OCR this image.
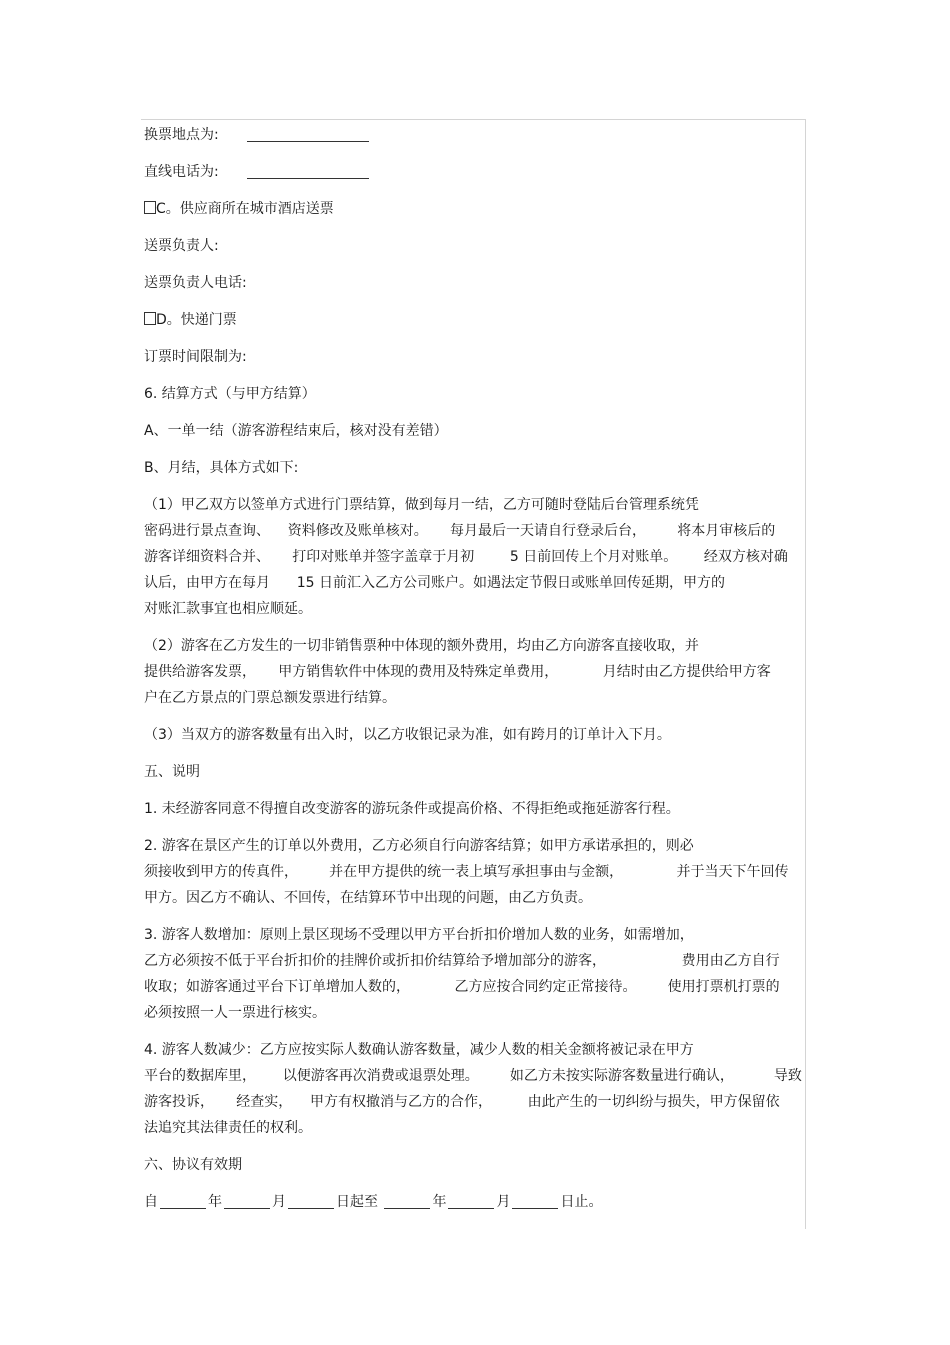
换票地点为:
直线电话为:
C。供应商所在城市酒店送票
送票负责人:
送票负责人电话:
D。快递门票
订票时间限制为:
6. 结算方式（与甲方结算）
A、一单一结（游客游程结束后，核对没有差错）
B、月结，具体方式如下:
（1）甲乙双方以签单方式进行门票结算，做到每月一结，乙方可随时登陆后台管理系统凭
密码进行景点查询、    资料修改及账单核对。     每月最后一天请自行登录后台，       将本月审核后的
游客详细资料合并、     打印对账单并签字盖章于月初        5 日前回传上个月对账单。      经双方核对确
认后，由甲方在每月      15 日前汇入乙方公司账户。如遇法定节假日或账单回传延期，甲方的
对账汇款事宜也相应顺延。
（2）游客在乙方发生的一切非销售票种中体现的额外费用，均由乙方向游客直接收取，并
提供给游客发票，     甲方销售软件中体现的费用及特殊定单费用，          月结时由乙方提供给甲方客
户在乙方景点的门票总额发票进行结算。
（3）当双方的游客数量有出入时，以乙方收银记录为准，如有跨月的订单计入下月。
五、说明
1. 未经游客同意不得擅自改变游客的游玩条件或提高价格、不得拒绝或拖延游客行程。
2. 游客在景区产生的订单以外费用，乙方必须自行向游客结算；如甲方承诺承担的，则必
须接收到甲方的传真件，       并在甲方提供的统一表上填写承担事由与金额，            并于当天下午回传
甲方。因乙方不确认、不回传，在结算环节中出现的问题，由乙方负责。
3. 游客人数增加：原则上景区现场不受理以甲方平台折扣价增加人数的业务，如需增加，
乙方必须按不低于平台折扣价的挂牌价或折扣价结算给予增加部分的游客，                 费用由乙方自行
收取；如游客通过平台下订单增加人数的，          乙方应按合同约定正常接待。       使用打票机打票的
必须按照一人一票进行核实。
4. 游客人数减少：乙方应按实际人数确认游客数量，减少人数的相关金额将被记录在甲方
平台的数据库里，      以便游客再次消费或退票处理。       如乙方未按实际游客数量进行确认，         导致
游客投诉，     经查实，    甲方有权撤消与乙方的合作，        由此产生的一切纠纷与损失，甲方保留依
法追究其法律责任的权利。
六、协议有效期
自	年	月	日起至	年	月	日止。
